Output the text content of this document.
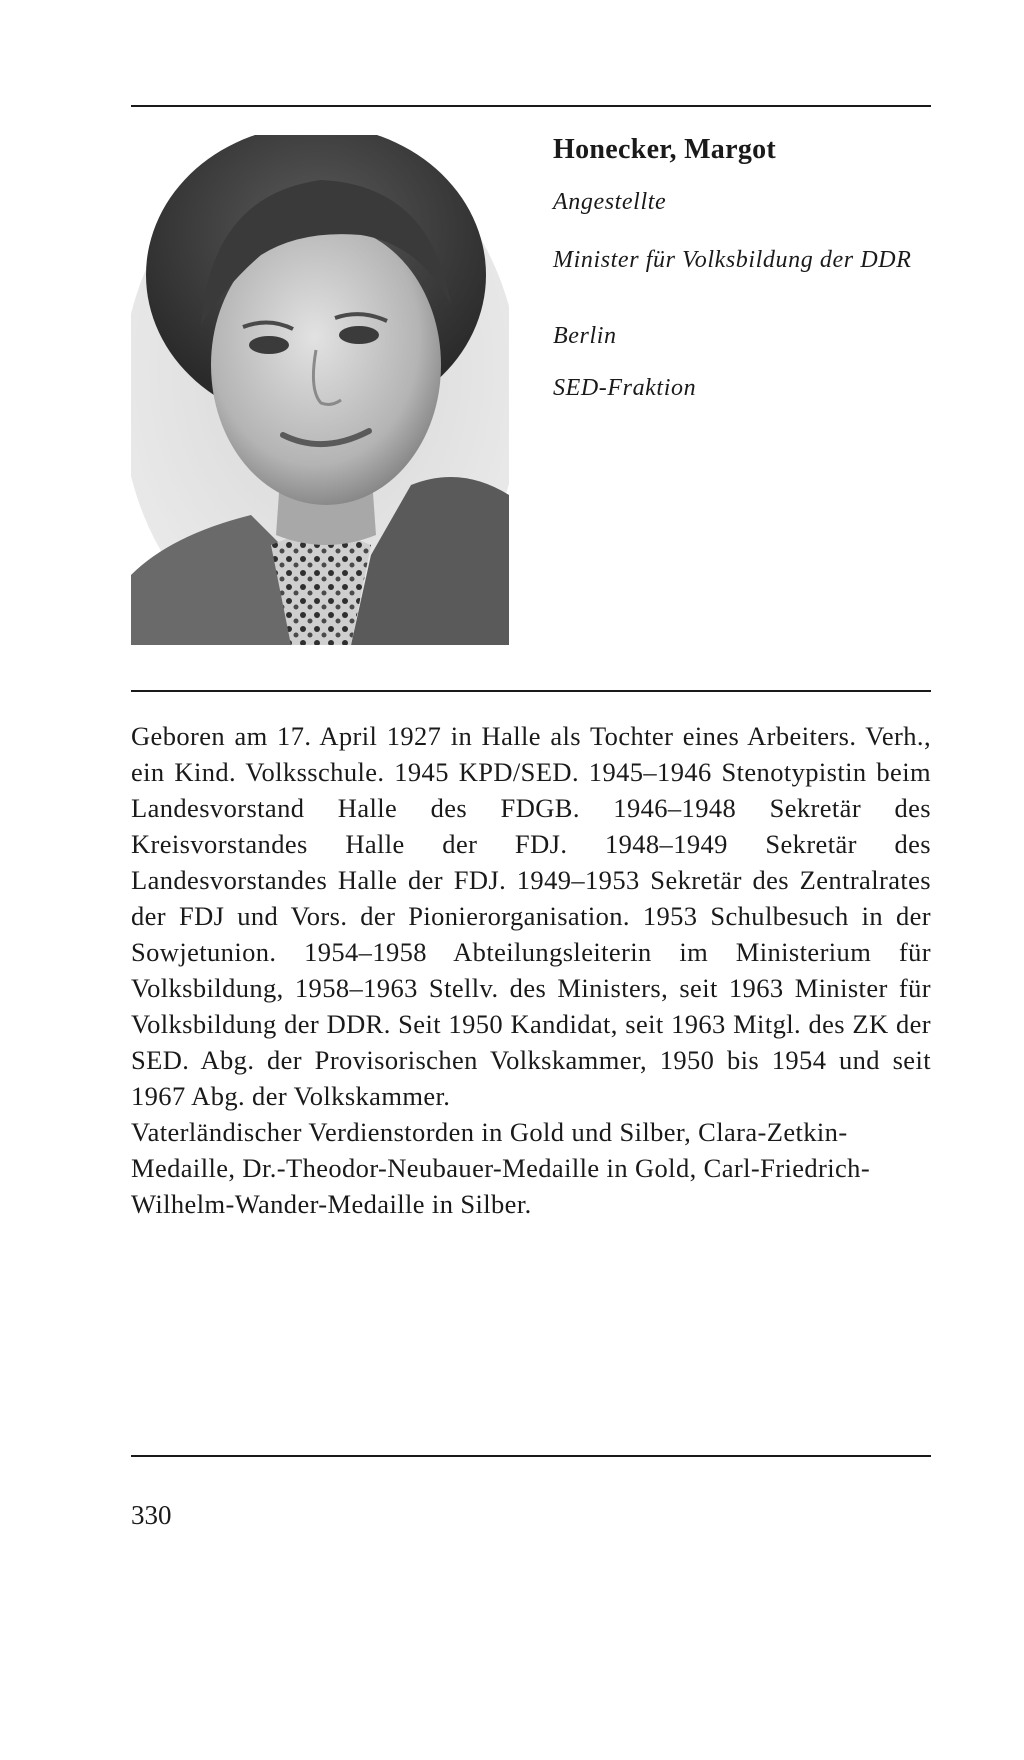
Honecker, Margot
Angestellte
Minister für Volksbildung der DDR
Berlin
SED-Fraktion

Geboren am 17. April 1927 in Halle als Tochter eines Arbeiters. Verh., ein Kind. Volksschule. 1945 KPD/SED. 1945–1946 Stenotypistin beim Landesvorstand Halle des FDGB. 1946–1948 Sekretär des Kreisvorstandes Halle der FDJ. 1948–1949 Sekretär des Landesvorstandes Halle der FDJ. 1949–1953 Sekretär des Zentralrates der FDJ und Vors. der Pionierorganisation. 1953 Schulbesuch in der Sowjetunion. 1954–1958 Abteilungsleiterin im Ministerium für Volksbildung, 1958–1963 Stellv. des Ministers, seit 1963 Minister für Volksbildung der DDR. Seit 1950 Kandidat, seit 1963 Mitgl. des ZK der SED. Abg. der Provisorischen Volkskammer, 1950 bis 1954 und seit 1967 Abg. der Volkskammer.

Vaterländischer Verdienstorden in Gold und Silber, Clara-Zetkin-Medaille, Dr.-Theodor-Neubauer-Medaille in Gold, Carl-Friedrich-Wilhelm-Wander-Medaille in Silber.

330
